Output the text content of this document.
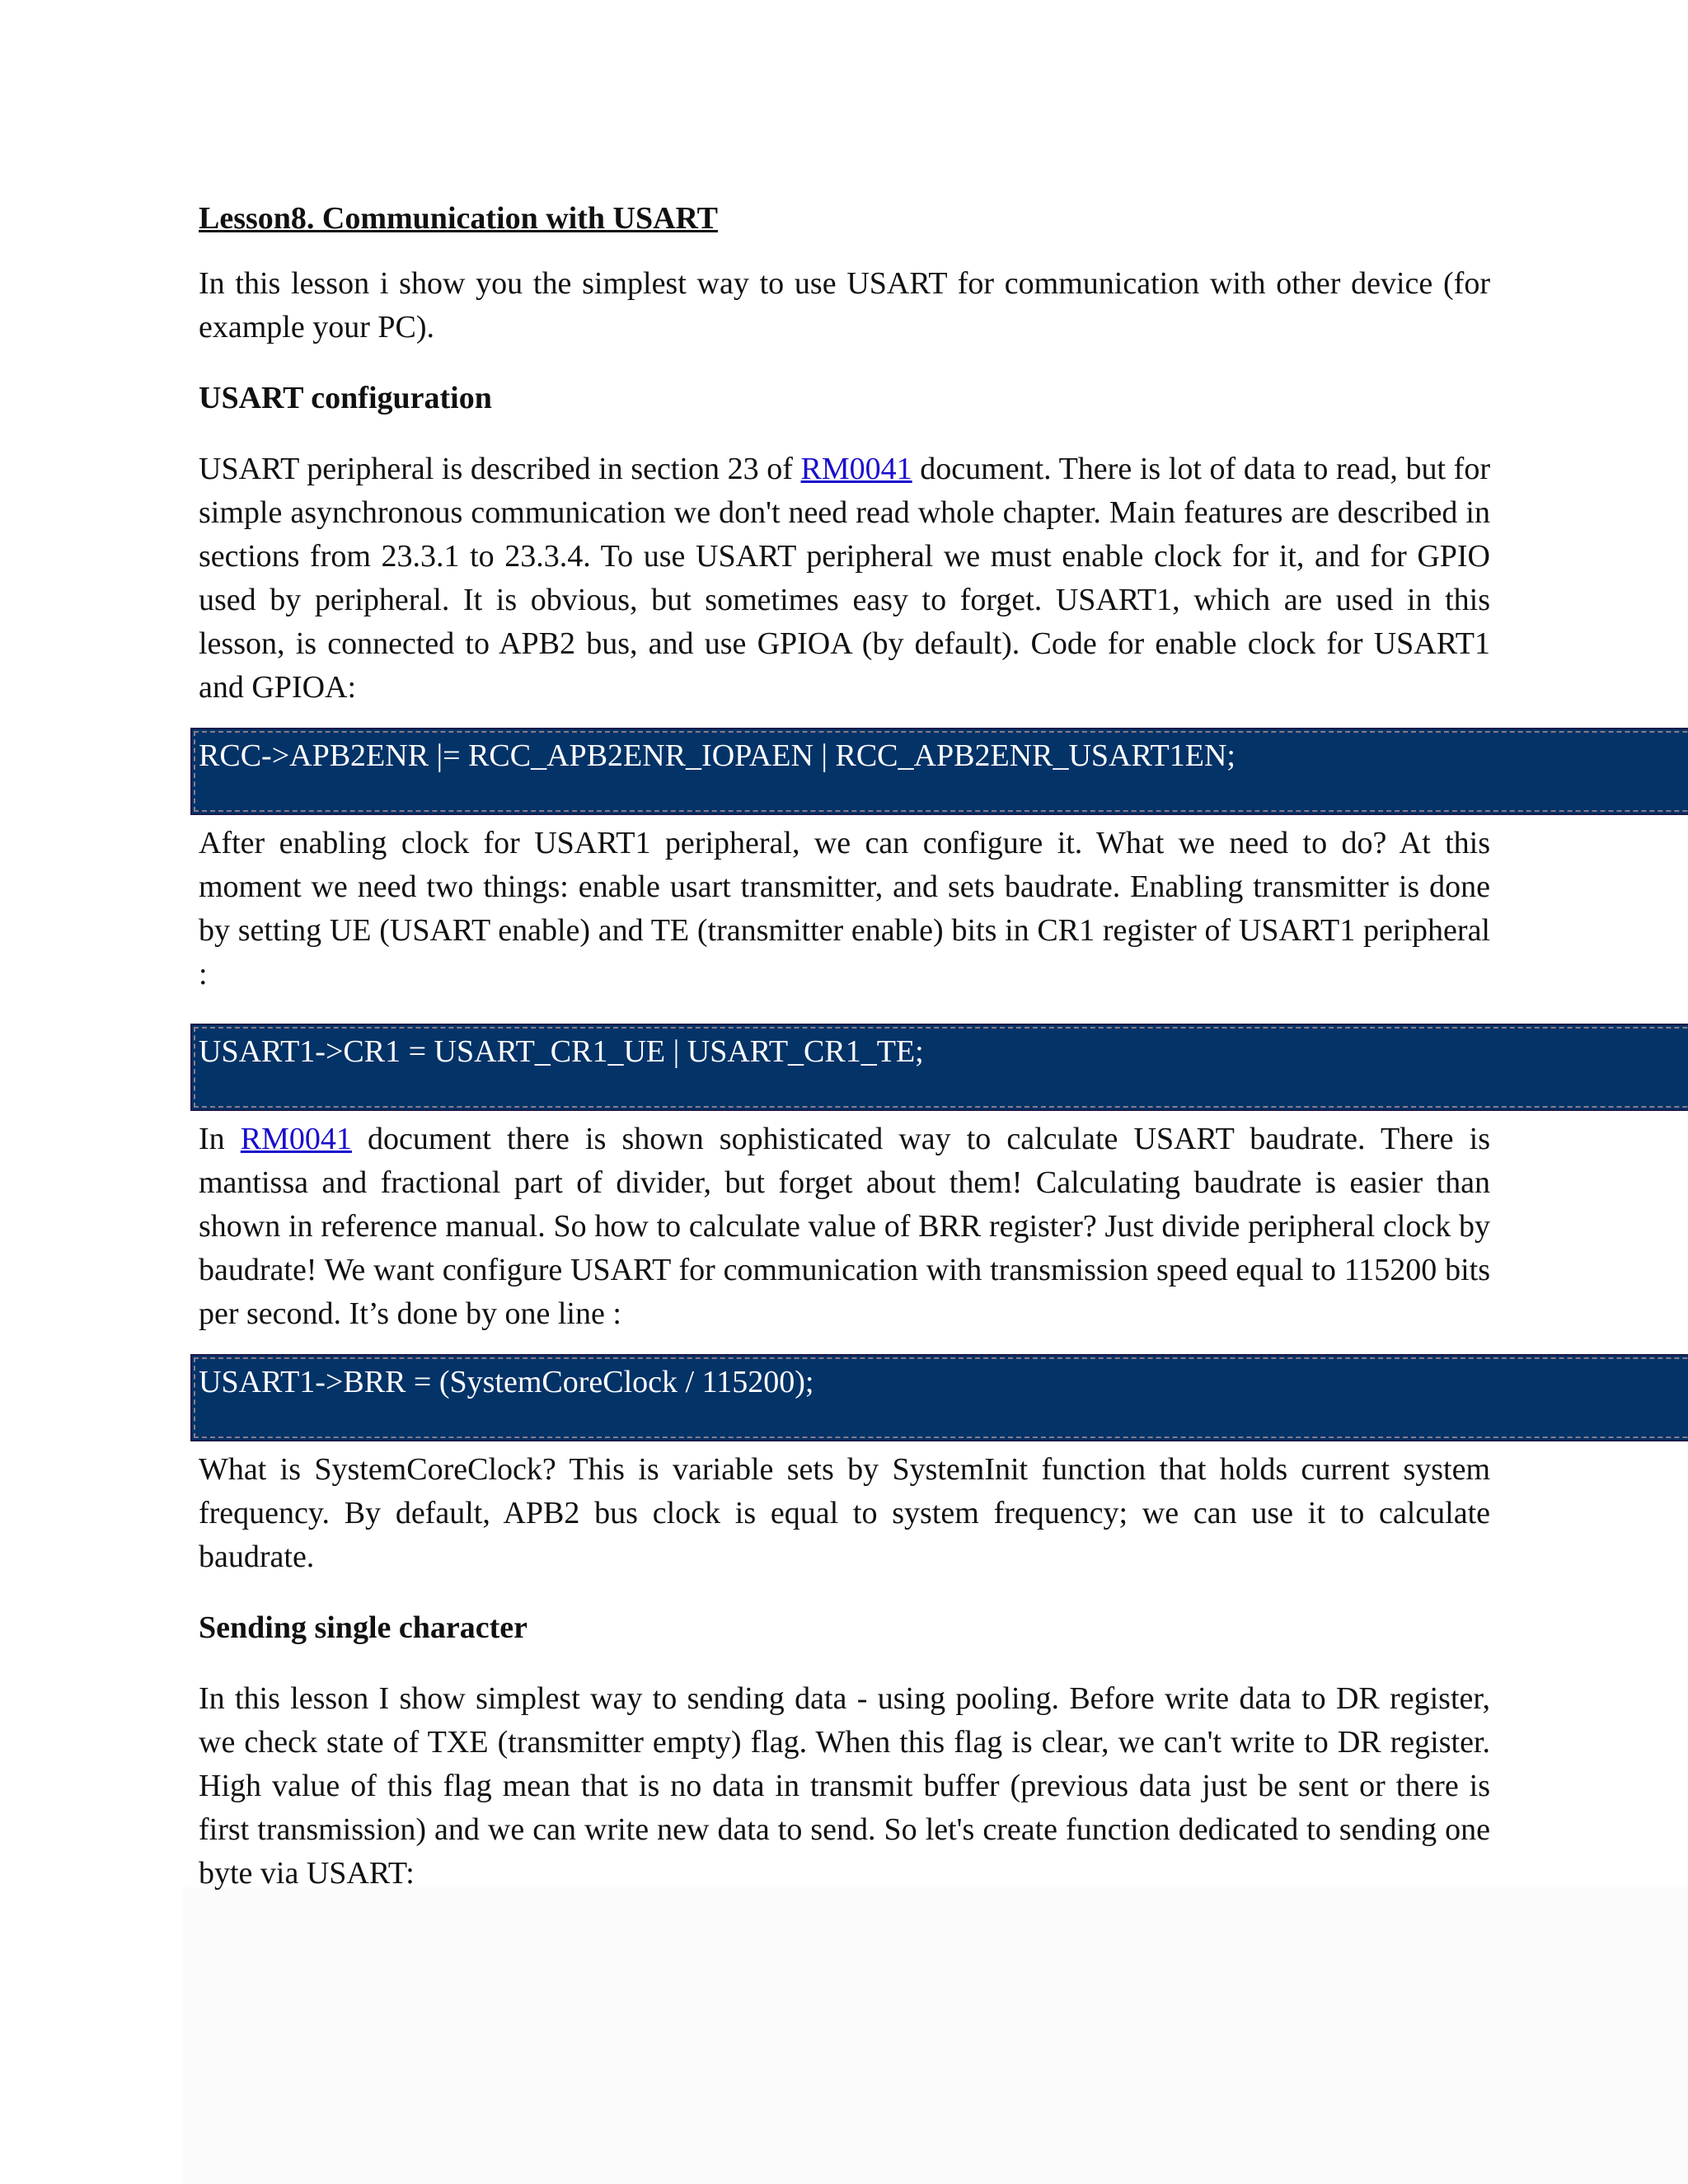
Lesson8. Communication with USART

In this lesson i show you the simplest way to use USART for communication with other device (for example your PC).

USART configuration

USART peripheral is described in section 23 of RM0041 document. There is lot of data to read, but for simple asynchronous communication we don't need read whole chapter. Main features are described in sections from 23.3.1 to 23.3.4. To use USART peripheral we must enable clock for it, and for GPIO used by peripheral. It is obvious, but sometimes easy to forget. USART1, which are used in this lesson, is connected to APB2 bus, and use GPIOA (by default). Code for enable clock for USART1 and GPIOA:

RCC->APB2ENR |= RCC_APB2ENR_IOPAEN | RCC_APB2ENR_USART1EN;

After enabling clock for USART1 peripheral, we can configure it. What we need to do? At this moment we need two things: enable usart transmitter, and sets baudrate. Enabling transmitter is done by setting UE (USART enable) and TE (transmitter enable) bits in CR1 register of USART1 peripheral :

USART1->CR1 = USART_CR1_UE | USART_CR1_TE;

In RM0041 document there is shown sophisticated way to calculate USART baudrate. There is mantissa and fractional part of divider, but forget about them! Calculating baudrate is easier than shown in reference manual. So how to calculate value of BRR register? Just divide peripheral clock by baudrate! We want configure USART for communication with transmission speed equal to 115200 bits per second. It’s done by one line :

USART1->BRR = (SystemCoreClock / 115200);

What is SystemCoreClock? This is variable sets by SystemInit function that holds current system frequency. By default, APB2 bus clock is equal to system frequency; we can use it to calculate baudrate.

Sending single character

In this lesson I show simplest way to sending data - using pooling. Before write data to DR register, we check state of TXE (transmitter empty) flag. When this flag is clear, we can't write to DR register. High value of this flag mean that is no data in transmit buffer (previous data just be sent or there is first transmission) and we can write new data to send. So let's create function dedicated to sending one byte via USART:
